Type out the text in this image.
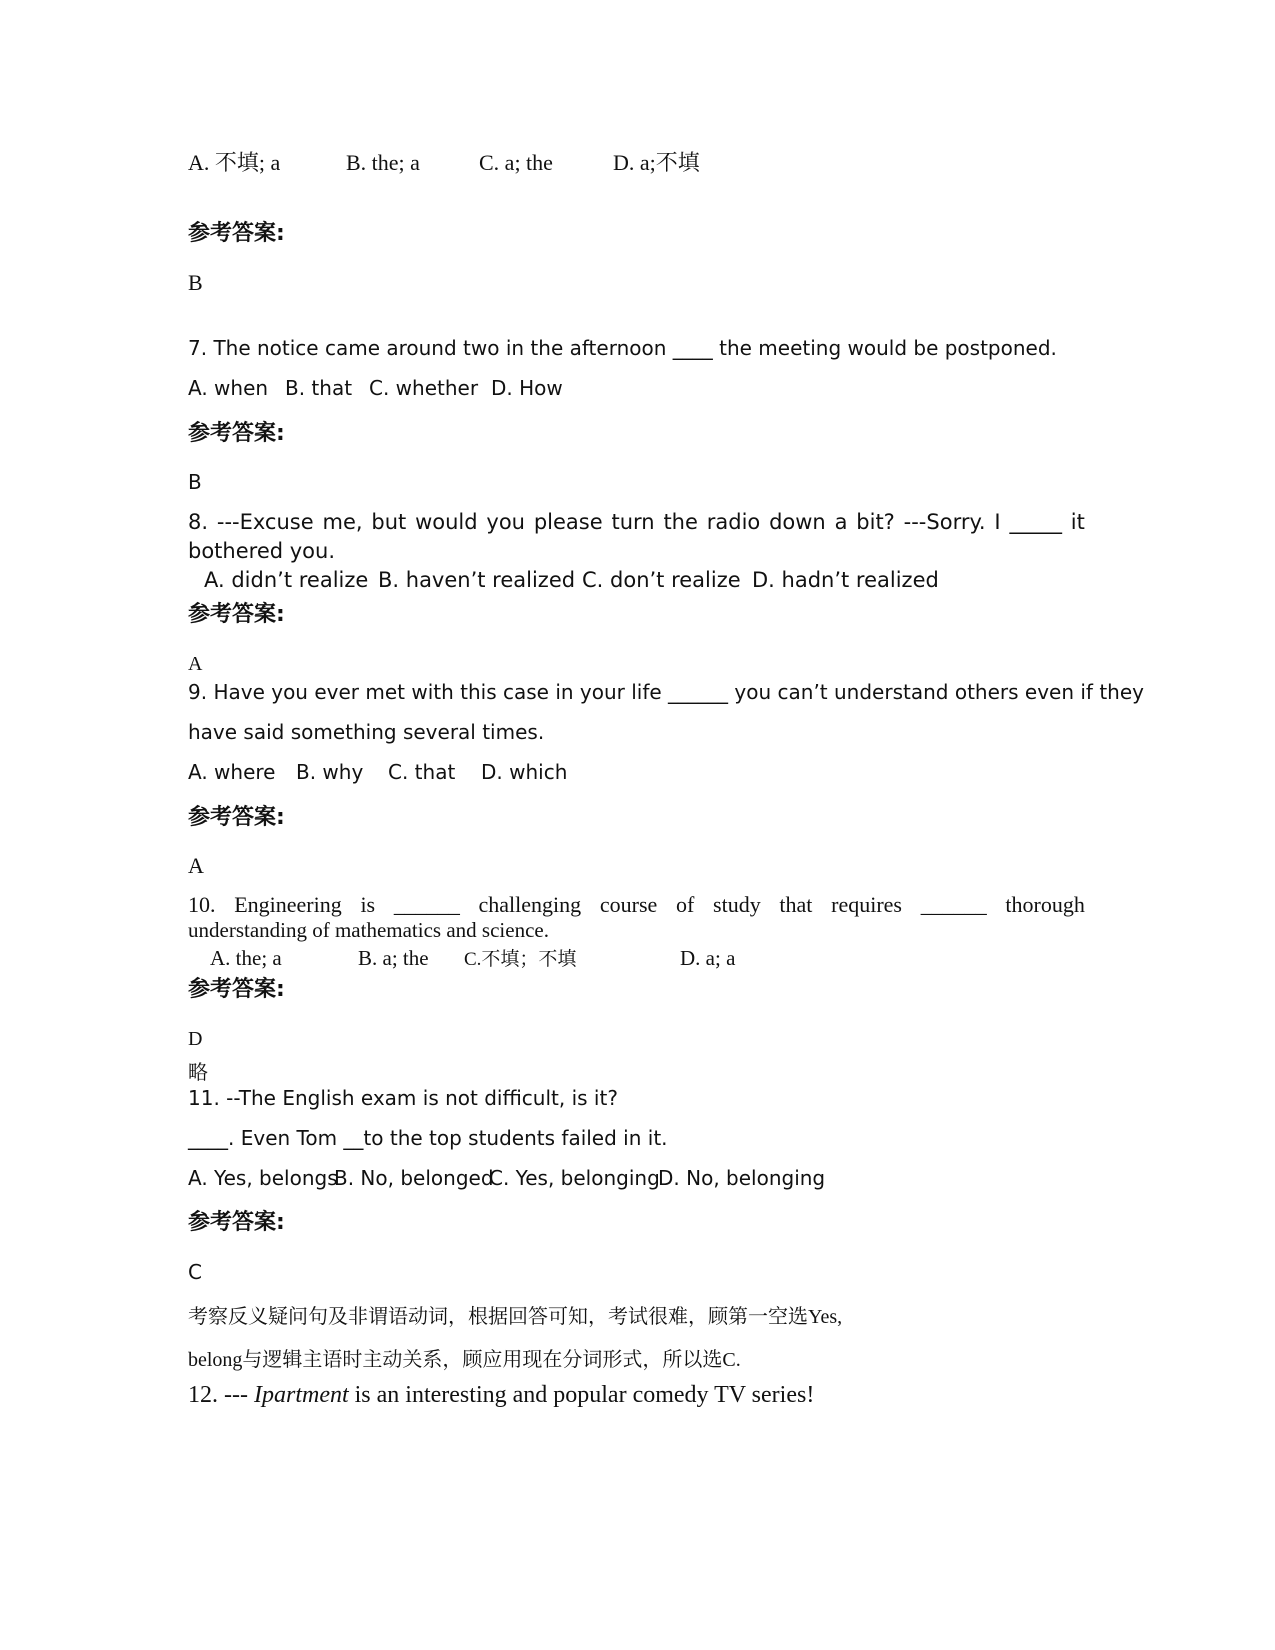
A. 不填; a	B. the; a	C. a; the	D. a;不填
参考答案:
B
7. The notice came around two in the afternoon ____ the meeting would be postponed.
A. when B. that C. whether D. How
参考答案:
B
8. ---Excuse me, but would you please turn the radio down a bit? ---Sorry. I _____ it
bothered you.
A. didn’t realize B. haven’t realized C. don’t realize D. hadn’t realized
参考答案:
A
9. Have you ever met with this case in your life ______ you can’t understand others even if they
have said something several times.
A. where B. why C. that D. which
参考答案:
A
10. Engineering is ______ challenging course of study that requires ______ thorough
understanding of mathematics and science.
A. the; a	B. a; the C.不填；不填	D. a; a
参考答案:
D
略
11. --The English exam is not difficult, is it?
____. Even Tom __to the top students failed in it.
A. Yes, belongsB. No, belongedC. Yes, belongingD. No, belonging
参考答案:
C
考察反义疑问句及非谓语动词，根据回答可知，考试很难，顾第一空选Yes,
belong与逻辑主语时主动关系，顾应用现在分词形式，所以选C.
12. --- Ipartment is an interesting and popular comedy TV series!
